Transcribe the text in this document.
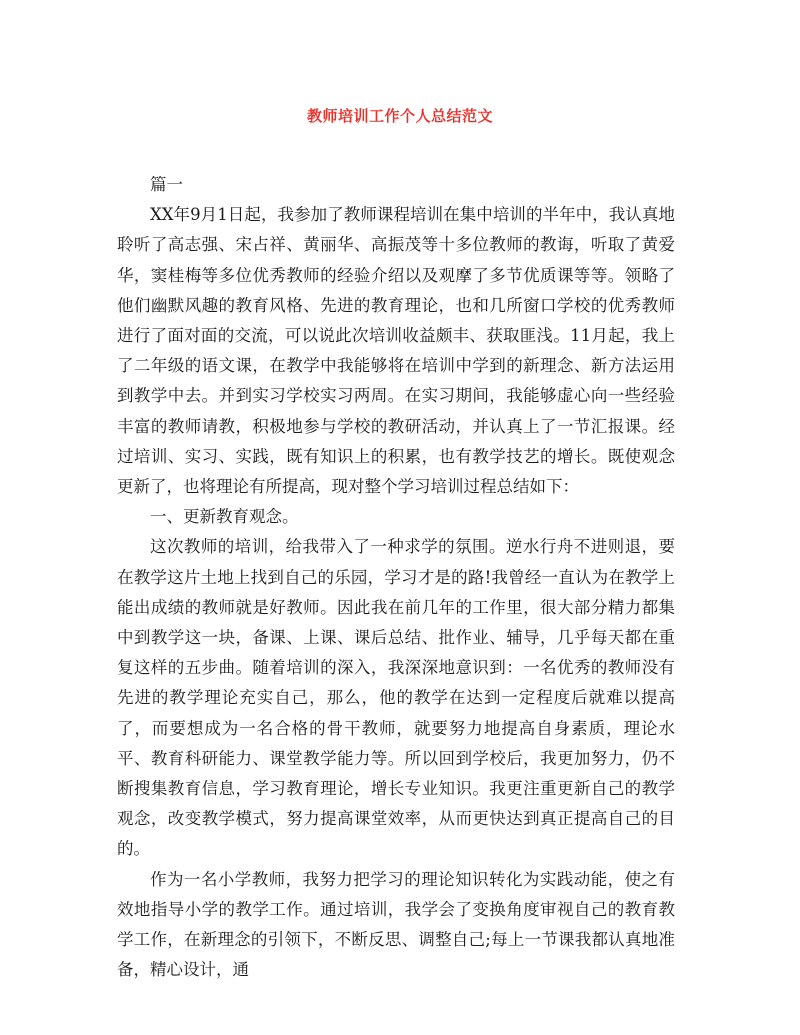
教师培训工作个人总结范文

篇一

XX年9月1日起，我参加了教师课程培训在集中培训的半年中，我认真地聆听了高志强、宋占祥、黄丽华、高振茂等十多位教师的教诲，听取了黄爱华，窦桂梅等多位优秀教师的经验介绍以及观摩了多节优质课等等。领略了他们幽默风趣的教育风格、先进的教育理论，也和几所窗口学校的优秀教师进行了面对面的交流，可以说此次培训收益颇丰、获取匪浅。11月起，我上了二年级的语文课，在教学中我能够将在培训中学到的新理念、新方法运用到教学中去。并到实习学校实习两周。在实习期间，我能够虚心向一些经验丰富的教师请教，积极地参与学校的教研活动，并认真上了一节汇报课。经过培训、实习、实践，既有知识上的积累，也有教学技艺的增长。既使观念更新了，也将理论有所提高，现对整个学习培训过程总结如下：

一、更新教育观念。

这次教师的培训，给我带入了一种求学的氛围。逆水行舟不进则退，要在教学这片土地上找到自己的乐园，学习才是的路!我曾经一直认为在教学上能出成绩的教师就是好教师。因此我在前几年的工作里，很大部分精力都集中到教学这一块，备课、上课、课后总结、批作业、辅导，几乎每天都在重复这样的五步曲。随着培训的深入，我深深地意识到：一名优秀的教师没有先进的教学理论充实自己，那么，他的教学在达到一定程度后就难以提高了，而要想成为一名合格的骨干教师，就要努力地提高自身素质，理论水平、教育科研能力、课堂教学能力等。所以回到学校后，我更加努力，仍不断搜集教育信息，学习教育理论，增长专业知识。我更注重更新自己的教学观念，改变教学模式，努力提高课堂效率，从而更快达到真正提高自己的目的。

作为一名小学教师，我努力把学习的理论知识转化为实践动能，使之有效地指导小学的教学工作。通过培训，我学会了变换角度审视自己的教育教学工作，在新理念的引领下，不断反思、调整自己;每上一节课我都认真地准备，精心设计，通
